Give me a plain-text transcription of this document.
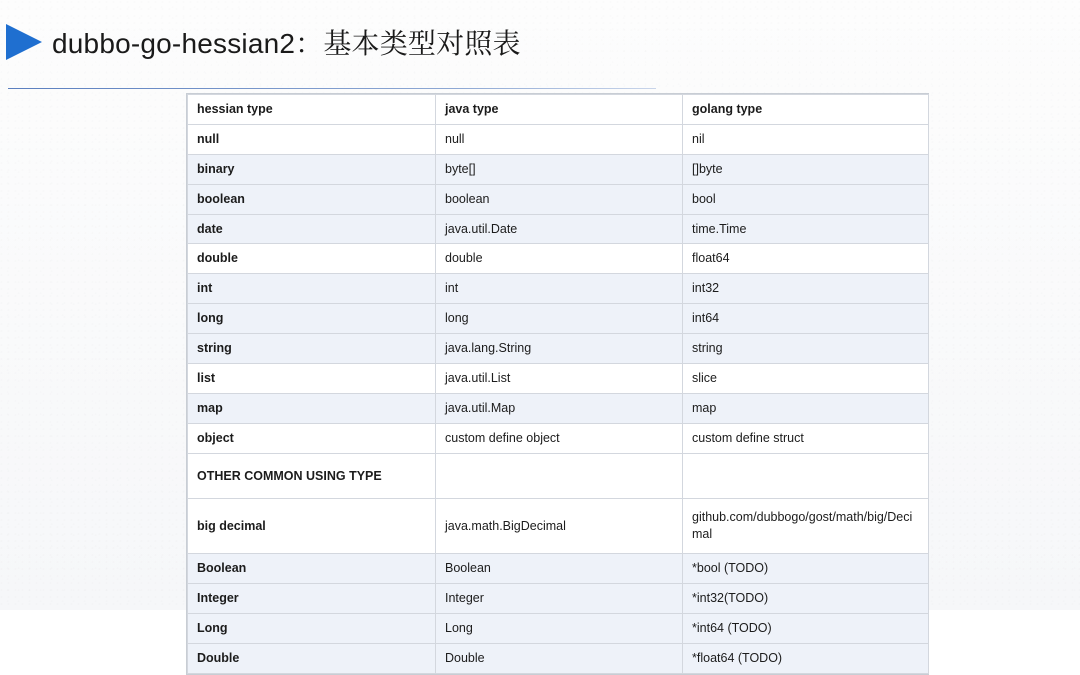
dubbo-go-hessian2：基本类型对照表
hessian type	java type	golang type
null	null	nil
binary	byte[]	[]byte
boolean	boolean	bool
date	java.util.Date	time.Time
double	double	float64
int	int	int32
long	long	int64
string	java.lang.String	string
list	java.util.List	slice
map	java.util.Map	map
object	custom define object	custom define struct
OTHER COMMON USING TYPE		
big decimal	java.math.BigDecimal	github.com/dubbogo/gost/math/big/Decimal
Boolean	Boolean	*bool (TODO)
Integer	Integer	*int32(TODO)
Long	Long	*int64 (TODO)
Double	Double	*float64 (TODO)
